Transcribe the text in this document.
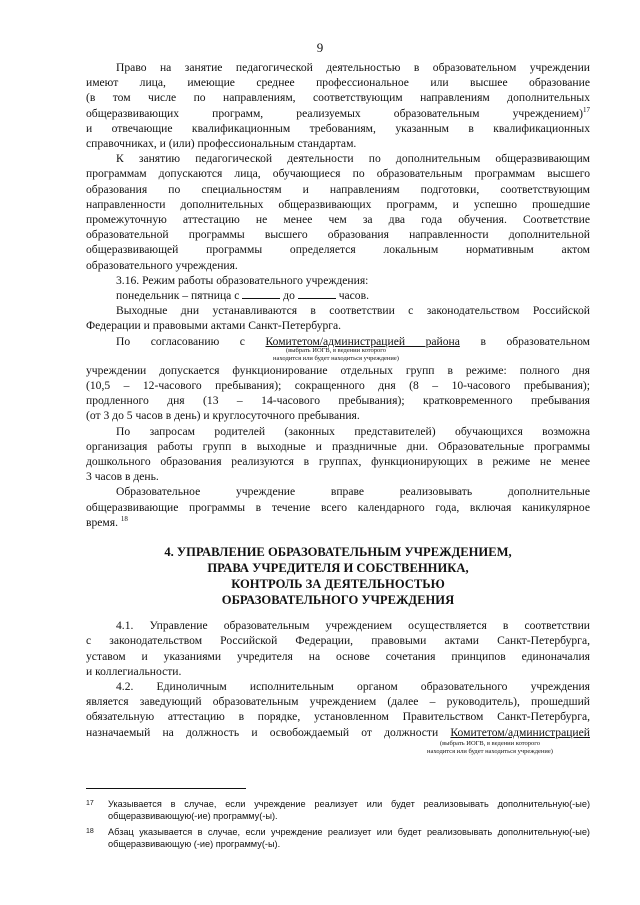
9

Право на занятие педагогической деятельностью в образовательном учреждении
имеют лица, имеющие среднее профессиональное или высшее образование
(в том числе по направлениям, соответствующим направлениям дополнительных
общеразвивающих программ, реализуемых образовательным учреждением)$^{17}$
и отвечающие квалификационным требованиям, указанным в квалификационных
справочниках, и (или) профессиональным стандартам.

К занятию педагогической деятельности по дополнительным общеразвивающим
программам допускаются лица, обучающиеся по образовательным программам высшего
образования по специальностям и направлениям подготовки, соответствующим
направленности дополнительных общеразвивающих программ, и успешно прошедшие
промежуточную аттестацию не менее чем за два года обучения. Соответствие
образовательной программы высшего образования направленности дополнительной
общеразвивающей программы определяется локальным нормативным актом
образовательного учреждения.

3.16. Режим работы образовательного учреждения:

понедельник – пятница с	до	часов.

Выходные дни устанавливаются в соответствии с законодательством Российской
Федерации и правовыми актами Санкт-Петербурга.

По согласованию с Комитетом/администрацией района в образовательном

(выбрать ИОГВ, в ведении которого
находится или будет находиться учреждение)

учреждении допускается функционирование отдельных групп в режиме: полного дня
(10,5 – 12-часового пребывания); сокращенного дня (8 – 10-часового пребывания);
продленного дня (13 – 14-часового пребывания); кратковременного пребывания
(от 3 до 5 часов в день) и круглосуточного пребывания.

По запросам родителей (законных представителей) обучающихся возможна
организация работы групп в выходные и праздничные дни. Образовательные программы
дошкольного образования реализуются в группах, функционирующих в режиме не менее
3 часов в день.

Образовательное учреждение вправе реализовывать дополнительные
общеразвивающие программы в течение всего календарного года, включая каникулярное
время. $^{18}$

4. УПРАВЛЕНИЕ ОБРАЗОВАТЕЛЬНЫМ УЧРЕЖДЕНИЕМ,
ПРАВА УЧРЕДИТЕЛЯ И СОБСТВЕННИКА,
КОНТРОЛЬ ЗА ДЕЯТЕЛЬНОСТЬЮ
ОБРАЗОВАТЕЛЬНОГО УЧРЕЖДЕНИЯ

4.1. Управление образовательным учреждением осуществляется в соответствии
с законодательством Российской Федерации, правовыми актами Санкт-Петербурга,
уставом и указаниями учредителя на основе сочетания принципов единоначалия
и коллегиальности.

4.2. Единоличным исполнительным органом образовательного учреждения
является заведующий образовательным учреждением (далее – руководитель), прошедший
обязательную аттестацию в порядке, установленном Правительством Санкт-Петербурга,
назначаемый на должность и освобождаемый от должности Комитетом/администрацией

(выбрать ИОГВ, в ведении которого
находится или будет находиться учреждение)
17	Указывается в случае, если учреждение реализует или будет реализовывать дополнительную(-ые) общеразвивающую(-ие) программу(-ы).
18	Абзац указывается в случае, если учреждение реализует или будет реализовывать дополнительную(-ые) общеразвивающую (-ие) программу(-ы).
